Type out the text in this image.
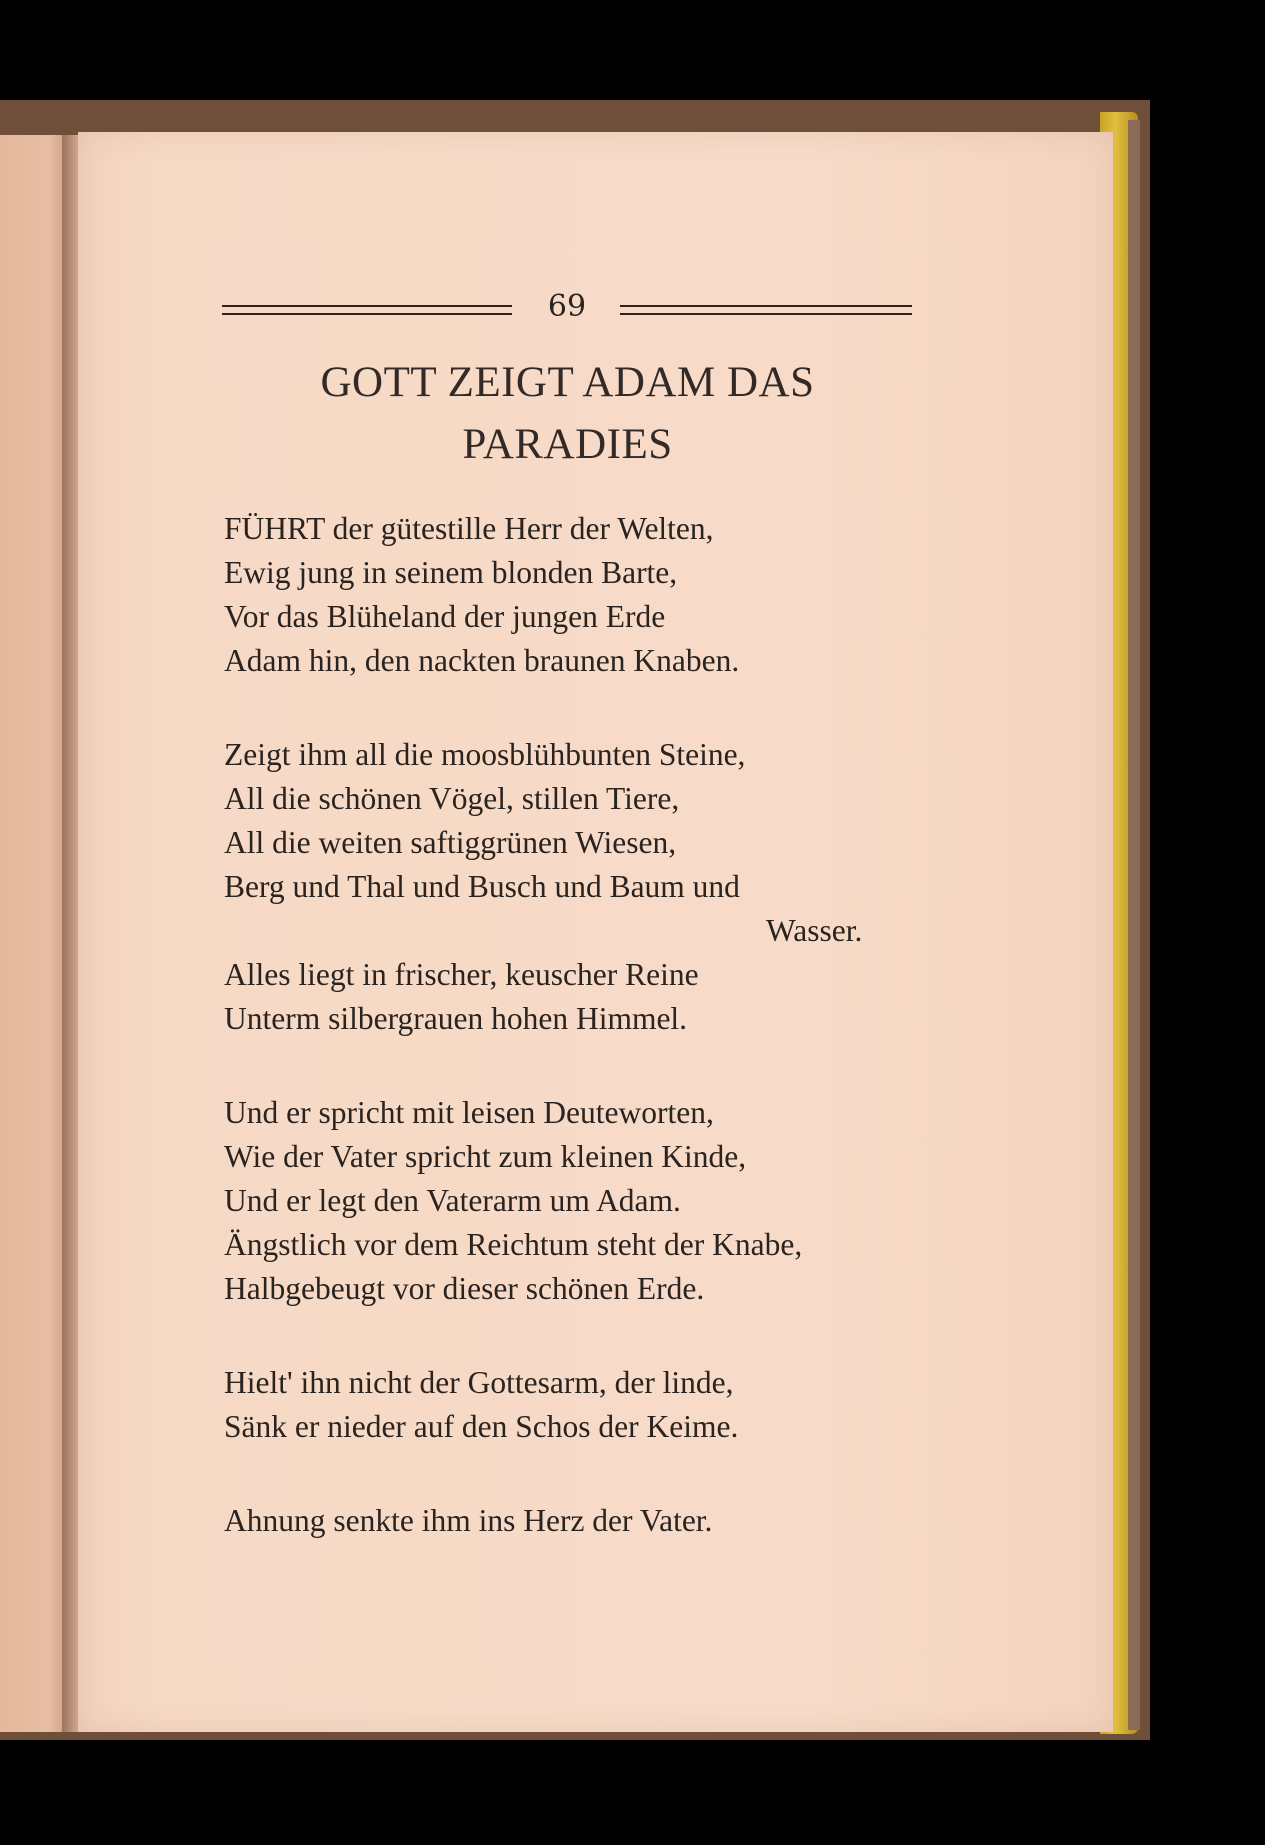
69
GOTT ZEIGT ADAM DAS
PARADIES
FÜHRT der gütestille Herr der Welten,
Ewig jung in seinem blonden Barte,
Vor das Blüheland der jungen Erde
Adam hin, den nackten braunen Knaben.
Zeigt ihm all die moosblühbunten Steine,
All die schönen Vögel, stillen Tiere,
All die weiten saftiggrünen Wiesen,
Berg und Thal und Busch und Baum und
Wasser.
Alles liegt in frischer, keuscher Reine
Unterm silbergrauen hohen Himmel.
Und er spricht mit leisen Deuteworten,
Wie der Vater spricht zum kleinen Kinde,
Und er legt den Vaterarm um Adam.
Ängstlich vor dem Reichtum steht der Knabe,
Halbgebeugt vor dieser schönen Erde.
Hielt' ihn nicht der Gottesarm, der linde,
Sänk er nieder auf den Schos der Keime.
Ahnung senkte ihm ins Herz der Vater.
